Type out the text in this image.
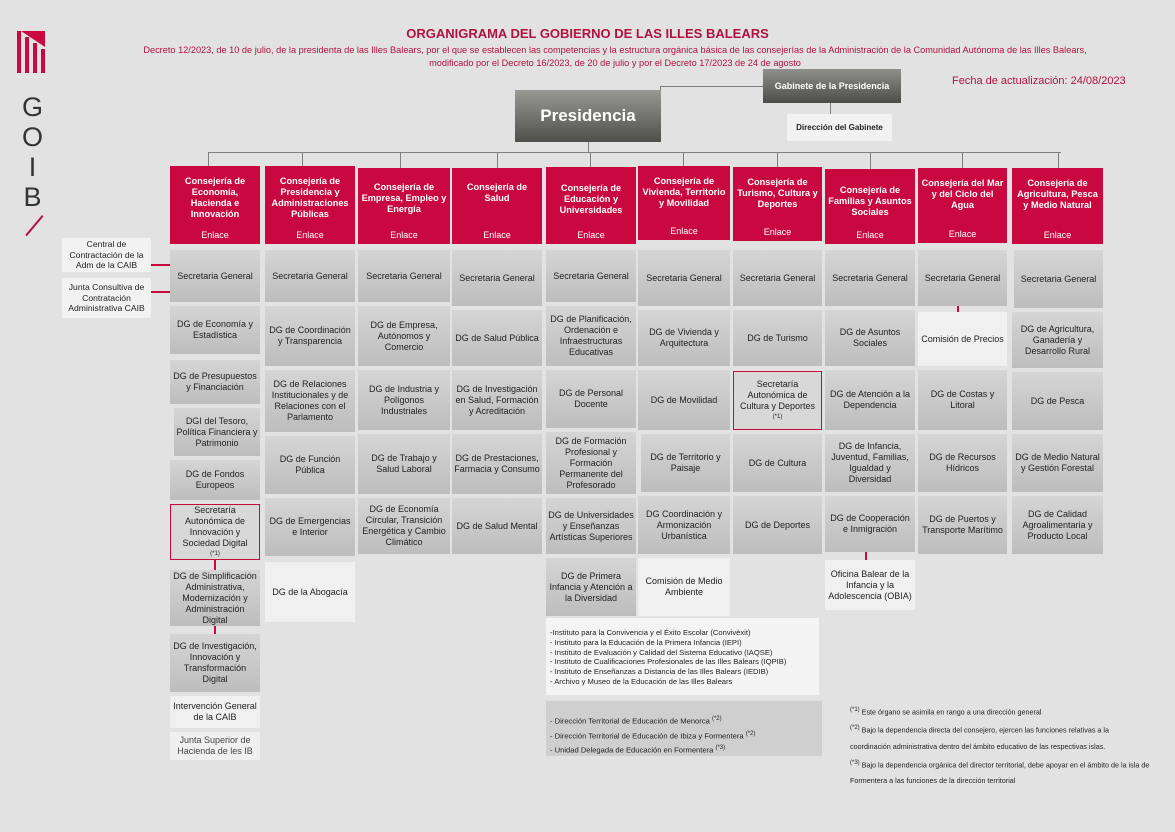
ORGANIGRAMA DEL GOBIERNO DE LAS ILLES BALEARS
Decreto 12/2023, de 10 de julio, de la presidenta de las Illes Balears, por el que se establecen las competencias y la estructura orgánica básica de las consejerías de la Administración de la Comunidad Autónoma de las Illes Balears,
modificado por el Decreto 16/2023, de 20 de julio y por el Decreto 17/2023 de 24 de agosto
Fecha de actualización: 24/08/2023
G
O
I
B
Presidencia
Gabinete de la Presidencia
Dirección del Gabinete
Central de Contractación de la Adm de la CAIB
Junta Consultiva de Contratación Administrativa CAIB
Consejería de Economía, Hacienda e Innovación
Enlace
Consejería de Presidencia y Administraciones Públicas
Enlace
Consejería de Empresa, Empleo y Energía
Enlace
Consejería de Salud
Enlace
Consejería de Educación y Universidades
Enlace
Consejería de Vivienda, Territorio y Movilidad
Enlace
Consejería de Turismo, Cultura y Deportes
Enlace
Consejería de Familias y Asuntos Sociales
Enlace
Consejería del Mar y del Ciclo del Agua
Enlace
Consejería de Agricultura, Pesca y Medio Natural
Enlace
Secretaria General
DG de Economía y Estadística
DG de Presupuestos y Financiación
DGI del Tesoro, Política Financiera y Patrimonio
DG de Fondos Europeos
Secretaría Autonómica de Innovación y Sociedad Digital
(*1)
DG de Simplificación Administrativa, Modernización y Administración Digital
DG de Investigación, Innovación y Transformación Digital
Intervención General de la CAIB
Junta Superior de Hacienda de les IB
Secretaria General
DG de Coordinación y Transparencia
DG de Relaciones Institucionales y de Relaciones con el Parlamento
DG de Función Pública
DG de Emergencias e Interior
DG de la Abogacía
Secretaria General
DG de Empresa, Autónomos y Comercio
DG de Industria y Polígonos Industriales
DG de Trabajo y Salud Laboral
DG de Economía Circular, Transición Energética y Cambio Climático
Secretaria General
DG de Salud Pública
DG de Investigación en Salud, Formación y Acreditación
DG de Prestaciones, Farmacia y Consumo
DG de Salud Mental
Secretaria General
DG de Planificación, Ordenación e Infraestructuras Educativas
DG de Personal Docente
DG de Formación Profesional y Formación Permanente del Profesorado
DG de Universidades y Enseñanzas Artísticas Superiores
DG de Primera Infancia y Atención a la Diversidad
Secretaria General
DG de Vivienda y Arquitectura
DG de Movilidad
DG de Territorio y Paisaje
DG Coordinación y Armonización Urbanística
Comisión de Medio Ambiente
Secretaria General
DG de Turismo
Secretaría Autonómica de Cultura y Deportes
(*1)
DG de Cultura
DG de Deportes
Secretaria General
DG de Asuntos Sociales
DG de Atención a la Dependencia
DG de Infancia, Juventud, Familias, Igualdad y Diversidad
DG de Cooperación e Inmigración
Oficina Balear de la Infancia y la Adolescencia (OBIA)
Secretaria General
Comisión de Precios
DG de Costas y Litoral
DG de Recursos Hídricos
DG de Puertos y Transporte Marítimo
Secretaria General
DG de Agricultura, Ganadería y Desarrollo Rural
DG de Pesca
DG de Medio Natural y Gestión Forestal
DG de Calidad Agroalimentaria y Producto Local
-Instituto para la Convivencia y el Éxito Escolar (Convivèxit)
- Instituto para la Educación de la Primera Infancia (IEPI)
- Instituto de Evaluación y Calidad del Sistema Educativo (IAQSE)
- Instituto de Cualificaciones Profesionales de las Illes Balears (IQPIB)
- Instituto de Enseñanzas a Distancia de las Illes Balears (IEDIB)
- Archivo y Museo de la Educación de las Illes Balears
- Dirección Territorial de Educación de Menorca $^{(*2)}$
- Dirección Territorial de Educación de Ibiza y Formentera $^{(*2)}$
- Unidad Delegada de Educación en Formentera $^{(*3)}$
$^{(*1)}$ Este órgano se asimila en rango a una dirección general
$^{(*2)}$ Bajo la dependencia directa del consejero, ejercen las funciones relativas a la coordinación administrativa dentro del ámbito educativo de las respectivas islas.
$^{(*3)}$ Bajo la dependencia orgánica del director territorial, debe apoyar en el ámbito de la isla de Formentera a las funciones de la dirección territorial
